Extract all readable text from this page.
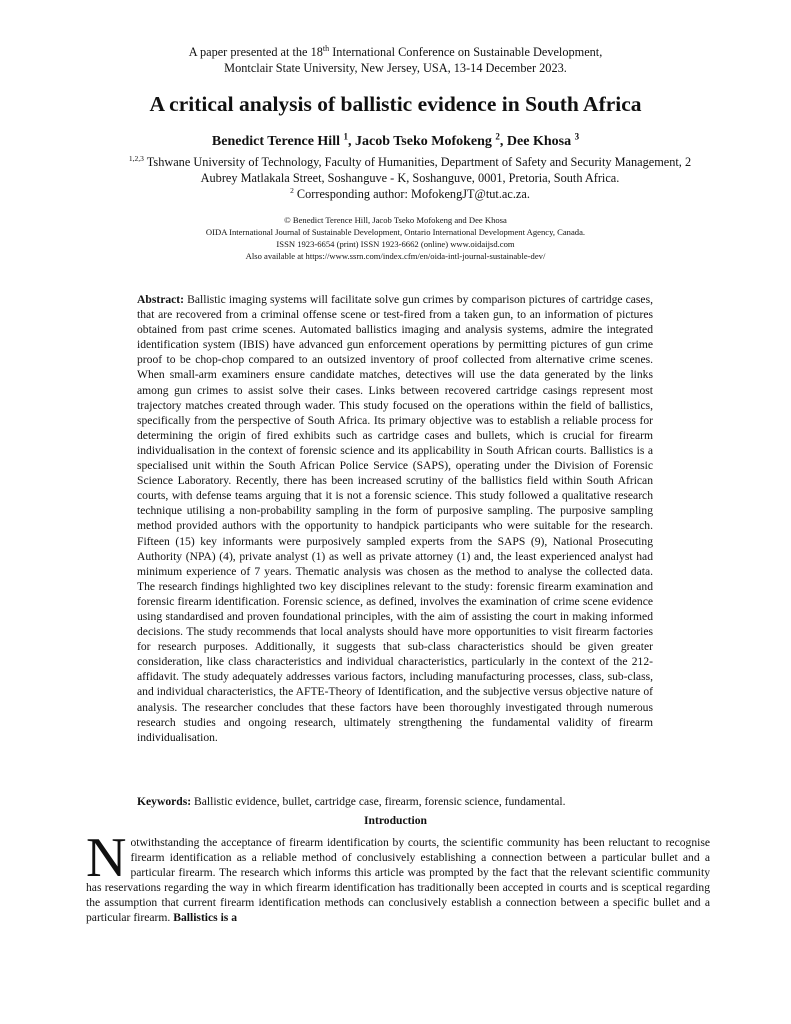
A paper presented at the 18th International Conference on Sustainable Development,
Montclair State University, New Jersey, USA, 13-14 December 2023.
A critical analysis of ballistic evidence in South Africa
Benedict Terence Hill $^1$, Jacob Tseko Mofokeng $^2$, Dee Khosa $^3$
$^{1,2,3}$ Tshwane University of Technology, Faculty of Humanities, Department of Safety and Security Management, 2 Aubrey Matlakala Street, Soshanguve - K, Soshanguve, 0001, Pretoria, South Africa.
$^2$ Corresponding author: MofokengJT@tut.ac.za.
© Benedict Terence Hill, Jacob Tseko Mofokeng and Dee Khosa
OIDA International Journal of Sustainable Development, Ontario International Development Agency, Canada.
ISSN 1923-6654 (print) ISSN 1923-6662 (online) www.oidaijsd.com
Also available at https://www.ssrn.com/index.cfm/en/oida-intl-journal-sustainable-dev/
Abstract: Ballistic imaging systems will facilitate solve gun crimes by comparison pictures of cartridge cases, that are recovered from a criminal offense scene or test-fired from a taken gun, to an information of pictures obtained from past crime scenes. Automated ballistics imaging and analysis systems, admire the integrated identification system (IBIS) have advanced gun enforcement operations by permitting pictures of gun crime proof to be chop-chop compared to an outsized inventory of proof collected from alternative crime scenes. When small-arm examiners ensure candidate matches, detectives will use the data generated by the links among gun crimes to assist solve their cases. Links between recovered cartridge casings represent most trajectory matches created through wader. This study focused on the operations within the field of ballistics, specifically from the perspective of South Africa. Its primary objective was to establish a reliable process for determining the origin of fired exhibits such as cartridge cases and bullets, which is crucial for firearm individualisation in the context of forensic science and its applicability in South African courts. Ballistics is a specialised unit within the South African Police Service (SAPS), operating under the Division of Forensic Science Laboratory. Recently, there has been increased scrutiny of the ballistics field within South African courts, with defense teams arguing that it is not a forensic science. This study followed a qualitative research technique utilising a non-probability sampling in the form of purposive sampling. The purposive sampling method provided authors with the opportunity to handpick participants who were suitable for the research. Fifteen (15) key informants were purposively sampled experts from the SAPS (9), National Prosecuting Authority (NPA) (4), private analyst (1) as well as private attorney (1) and, the least experienced analyst had minimum experience of 7 years. Thematic analysis was chosen as the method to analyse the collected data. The research findings highlighted two key disciplines relevant to the study: forensic firearm examination and forensic firearm identification. Forensic science, as defined, involves the examination of crime scene evidence using standardised and proven foundational principles, with the aim of assisting the court in making informed decisions. The study recommends that local analysts should have more opportunities to visit firearm factories for research purposes. Additionally, it suggests that sub-class characteristics should be given greater consideration, like class characteristics and individual characteristics, particularly in the context of the 212-affidavit. The study adequately addresses various factors, including manufacturing processes, class, sub-class, and individual characteristics, the AFTE-Theory of Identification, and the subjective versus objective nature of analysis. The researcher concludes that these factors have been thoroughly investigated through numerous research studies and ongoing research, ultimately strengthening the fundamental validity of firearm individualisation.
Keywords: Ballistic evidence, bullet, cartridge case, firearm, forensic science, fundamental.
Introduction
Notwithstanding the acceptance of firearm identification by courts, the scientific community has been reluctant to recognise firearm identification as a reliable method of conclusively establishing a connection between a particular bullet and a particular firearm. The research which informs this article was prompted by the fact that the relevant scientific community has reservations regarding the way in which firearm identification has traditionally been accepted in courts and is sceptical regarding the assumption that current firearm identification methods can conclusively establish a connection between a specific bullet and a particular firearm. Ballistics is a
